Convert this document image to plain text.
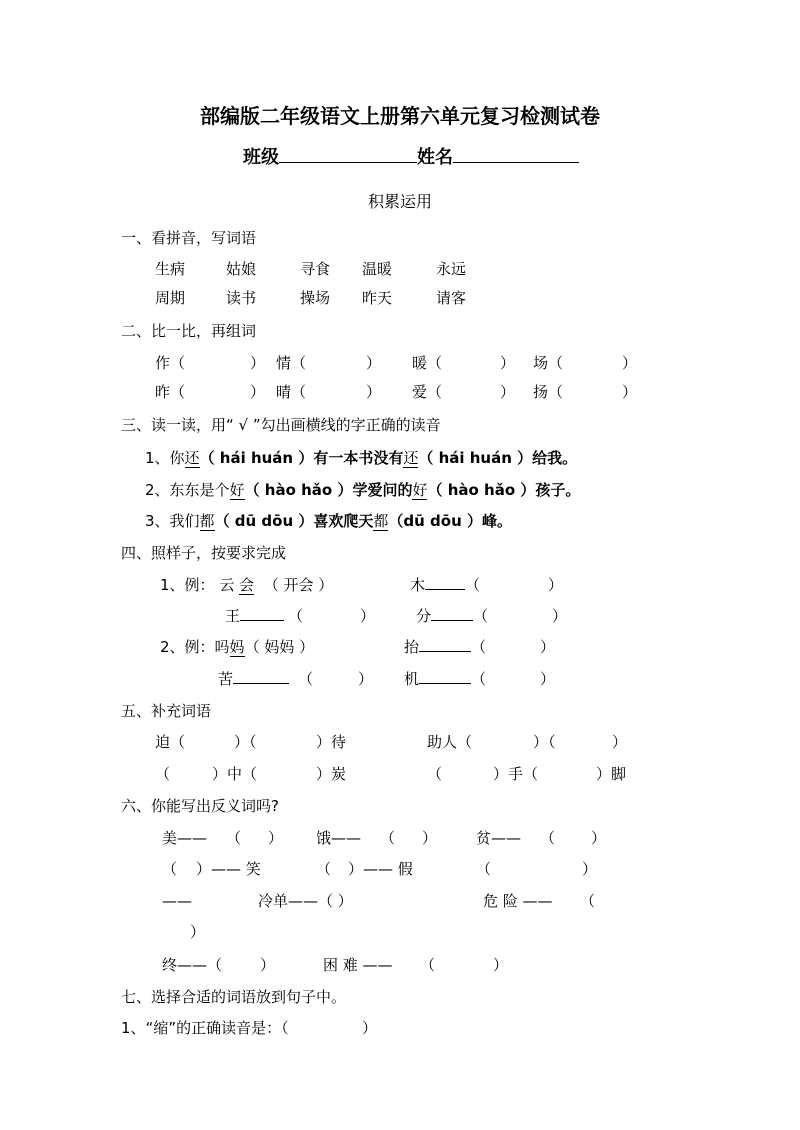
部编版二年级语文上册第六单元复习检测试卷
班级	姓名
积累运用
一、看拼音，写词语
生病	姑娘	寻食 温暖	永远
周期	读书	操场 昨天	请客
二、比一比，再组词
作（	） 情（	） 暖（	） 场（	）
昨（	） 晴（	） 爱（	） 扬（	）
三、读一读，用“ √ ”勾出画横线的字正确的读音
1、你还（ hái huán ）有一本书没有还（ hái huán ）给我。
2、东东是个好（ hào hǎo ）学爱问的好（ hào hǎo ）孩子。
3、我们都（ dū dōu ）喜欢爬天都（dū dōu ）峰。
四、照样子，按要求完成
1、例： 云 会 （ 开会 ）	木	（	）
王	（	）	分	（	）
2、例：吗妈（ 妈妈 ）	抬	（	）
苦	（	） 机	（	）
五、补充词语
迫（	）（	）待	助人（	）（	）
（	）中（	）炭	（	）手（	）脚
六、你能写出反义词吗?
美—— （ ） 饿—— （ ）	贫—— （ ）
（ ）—— 笑	（ ）—— 假	（	）
——	冷单——（ ）	危 险 —— （
）
终——（	）	困 难 —— （	）
七、选择合适的词语放到句子中。
1、“缩”的正确读音是：（	）
